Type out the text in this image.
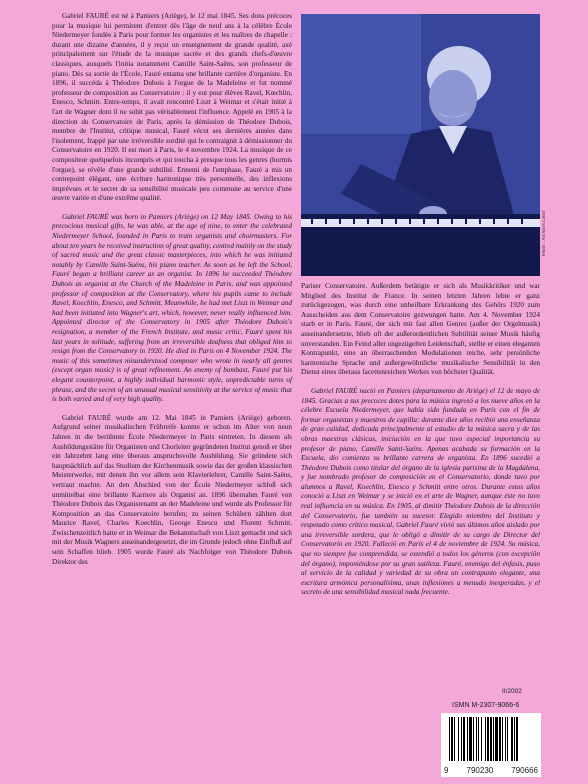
Gabriel FAURÉ est né à Pamiers (Ariège), le 12 mai 1845. Ses dons précoces pour la musique lui permirent d'entrer dès l'âge de neuf ans à la célèbre École Niedermeyer fondée à Paris pour former les organistes et les maîtres de chapelle : durant une dizaine d'années, il y reçut un enseignement de grande qualité, axé principalement sur l'étude de la musique sacrée et des grands chefs-d'œuvre classiques, auxquels l'initia notamment Camille Saint-Saëns, son professeur de piano. Dès sa sortie de l'École, Fauré entama une brillante carrière d'organiste. En 1896, il succéda à Théodore Dubois à l'orgue de la Madeleine et fut nommé professeur de composition au Conservatoire : il y eut pour élèves Ravel, Kœchlin, Enesco, Schmitt. Entre-temps, il avait rencontré Liszt à Weimar et s'était initié à l'art de Wagner dont il ne subit pas véritablement l'influence. Appelé en 1905 à la direction du Conservatoire de Paris, après la démission de Théodore Dubois, membre de l'Institut, critique musical, Fauré vécut ses dernières années dans l'isolement, frappé par une irréversible surdité qui le contraignit à démissionner du Conservatoire en 1920. Il est mort à Paris, le 4 novembre 1924. La musique de ce compositeur quelquefois incompris et qui toucha à presque tous les genres (hormis l'orgue), se révèle d'une grande subtilité. Ennemi de l'emphase, Fauré a mis un contrepoint élégant, une écriture harmonique très personnelle, des inflexions imprévues et le secret de sa sensibilité musicale peu commune au service d'une œuvre variée et d'une extrême qualité.

Gabriel FAURÉ was born in Pamiers (Ariège) on 12 May 1845. Owing to his precocious musical gifts, he was able, at the age of nine, to enter the celebrated Niedermeyer School, founded in Paris to train organists and choirmasters. For about ten years he received instruction of great quality, centred mainly on the study of sacred music and the great classic masterpieces, into which he was initiated notably by Camille Saint-Saëns, his piano teacher. As soon as he left the School, Fauré began a brilliant career as an organist. In 1896 he succeeded Théodore Dubois as organist at the Church of the Madeleine in Paris, and was appointed professor of composition at the Conservatory, where his pupils came to include Ravel, Koechlin, Enesco, and Schmitt. Meanwhile, he had met Liszt in Weimar and had been initiated into Wagner's art, which, however, never really influenced him. Appointed director of the Conservatory in 1905 after Théodore Dubois's resignation, a member of the French Institute, and music critic, Fauré spent his last years in solitude, suffering from an irreversible deafness that obliged him to resign from the Conservatory in 1920. He died in Paris on 4 November 1924. The music of this sometimes misunderstood composer who wrote in nearly all genres (except organ music) is of great refinement. An enemy of bombast, Fauré put his elegant counterpoint, a highly individual harmonic style, unpredictable turns of phrase, and the secret of an unusual musical sensitivity at the service of music that is both varied and of very high quality.

Gabriel FAURÉ wurde am 12. Mai 1845 in Pamiers (Ariège) geboren. Aufgrund seiner musikalischen Frühreife konnte er schon im Alter von neun Jahren in die berühmte École Niedermeyer in Paris eintreten. In diesem als Ausbildungsstätte für Organisten und Chorleiter gegründeten Institut genoß er über ein Jahrzehnt lang eine überaus anspruchsvolle Ausbildung. Sie gründete sich hauptsächlich auf das Studium der Kirchenmusik sowie das der großen klassischen Meisterwerke, mit denen ihn vor allem sein Klavierlehrer, Camille Saint-Saëns, vertraut machte. An den Abschied von der École Niedermeyer schloß sich unmittelbar eine brillante Karriere als Organist an. 1896 übernahm Fauré von Théodore Dubois das Organistenamt an der Madeleine und wurde als Professor für Komposition an das Conservatoire berufen; zu seinen Schülern zählten dort Maurice Ravel, Charles Koechlin, George Enescu und Florent Schmitt. Zwischenzeitlich hatte er in Weimar die Bekanntschaft von Liszt gemacht und sich mit der Musik Wagners auseinandergesetzt, die im Grunde jedoch ohne Einfluß auf sein Schaffen blieb. 1905 wurde Fauré als Nachfolger von Théodore Dubois Direktor des

Photo : Archives Lebar

Pariser Conservatoire. Außerdem betätigte er sich als Musikkritiker und war Mitglied des Institut de France. In seinen letzten Jahren lebte er ganz zurückgezogen, was durch eine unheilbare Erkrankung des Gehörs 1920 zum Ausscheiden aus dem Conservatoire gezwungen hatte. Am 4. November 1924 starb er in Paris. Fauré, der sich mit fast allen Genres (außer der Orgelmusik) auseinandersetzte, blieb oft der außerordentlichen Subtilität seiner Musik häufig unverstanden. Ein Feind aller ungezügelten Leidenschaft, stellte er einen eleganten Kontrapunkt, eine an überraschenden Modulationen reiche, sehr persönliche harmonische Sprache und außergewöhnliche musikalische Sensibilität in den Dienst eines überaus facettenreichen Werkes von höchster Qualität.

Gabriel FAURÉ nació en Pamiers (departamento de Ariège) el 12 de mayo de 1845. Gracias a sus precoces dotes para la música ingresó a los nueve años en la célebre Escuela Niedermeyer, que había sido fundada en París con el fin de formar organistas y maestros de capilla: durante diez años recibió una enseñanza de gran calidad, dedicada principalmente al estudio de la música sacra y de las obras maestras clásicas, iniciación en la que tuvo especial importancia su profesor de piano, Camille Saint-Saëns. Apenas acabada su formación en la Escuela, dio comienzo su brillante carrera de organista. En 1896 sucedió a Théodore Dubois como titular del órgano de la iglesia parisina de la Magdalena, y fue nombrado profesor de composición en el Conservatorio, donde tuvo por alumnos a Ravel, Koechlin, Enesco y Schmitt entre otros. Durante estos años conoció a Liszt en Weimar y se inició en el arte de Wagner, aunque éste no tuvo real influencia en su música. En 1905, al dimitir Théodore Dubois de la dirección del Conservatorio, fue también su sucesor. Elegido miembro del Instituto y respetado como crítico musical, Gabriel Fauré vivió sus últimos años aislado por una irreversible sordera, que le obligó a dimitir de su cargo de Director del Conservatorio en 1920. Falleció en París el 4 de noviembre de 1924. Su música, que no siempre fue comprendida, se extendió a todos los géneros (con excepción del órgano), imponiéndose por su gran sutileza. Fauré, enemigo del énfasis, puso al servicio de la calidad y variedad de su obra un contrapunto elegante, una escritura armónica personalísima, unas inflexiones a menudo inesperadas, y el secreto de una sensibilidad musical nada frecuente.

II/2002
ISMN M-2307-9066-6
9 790230 790666
